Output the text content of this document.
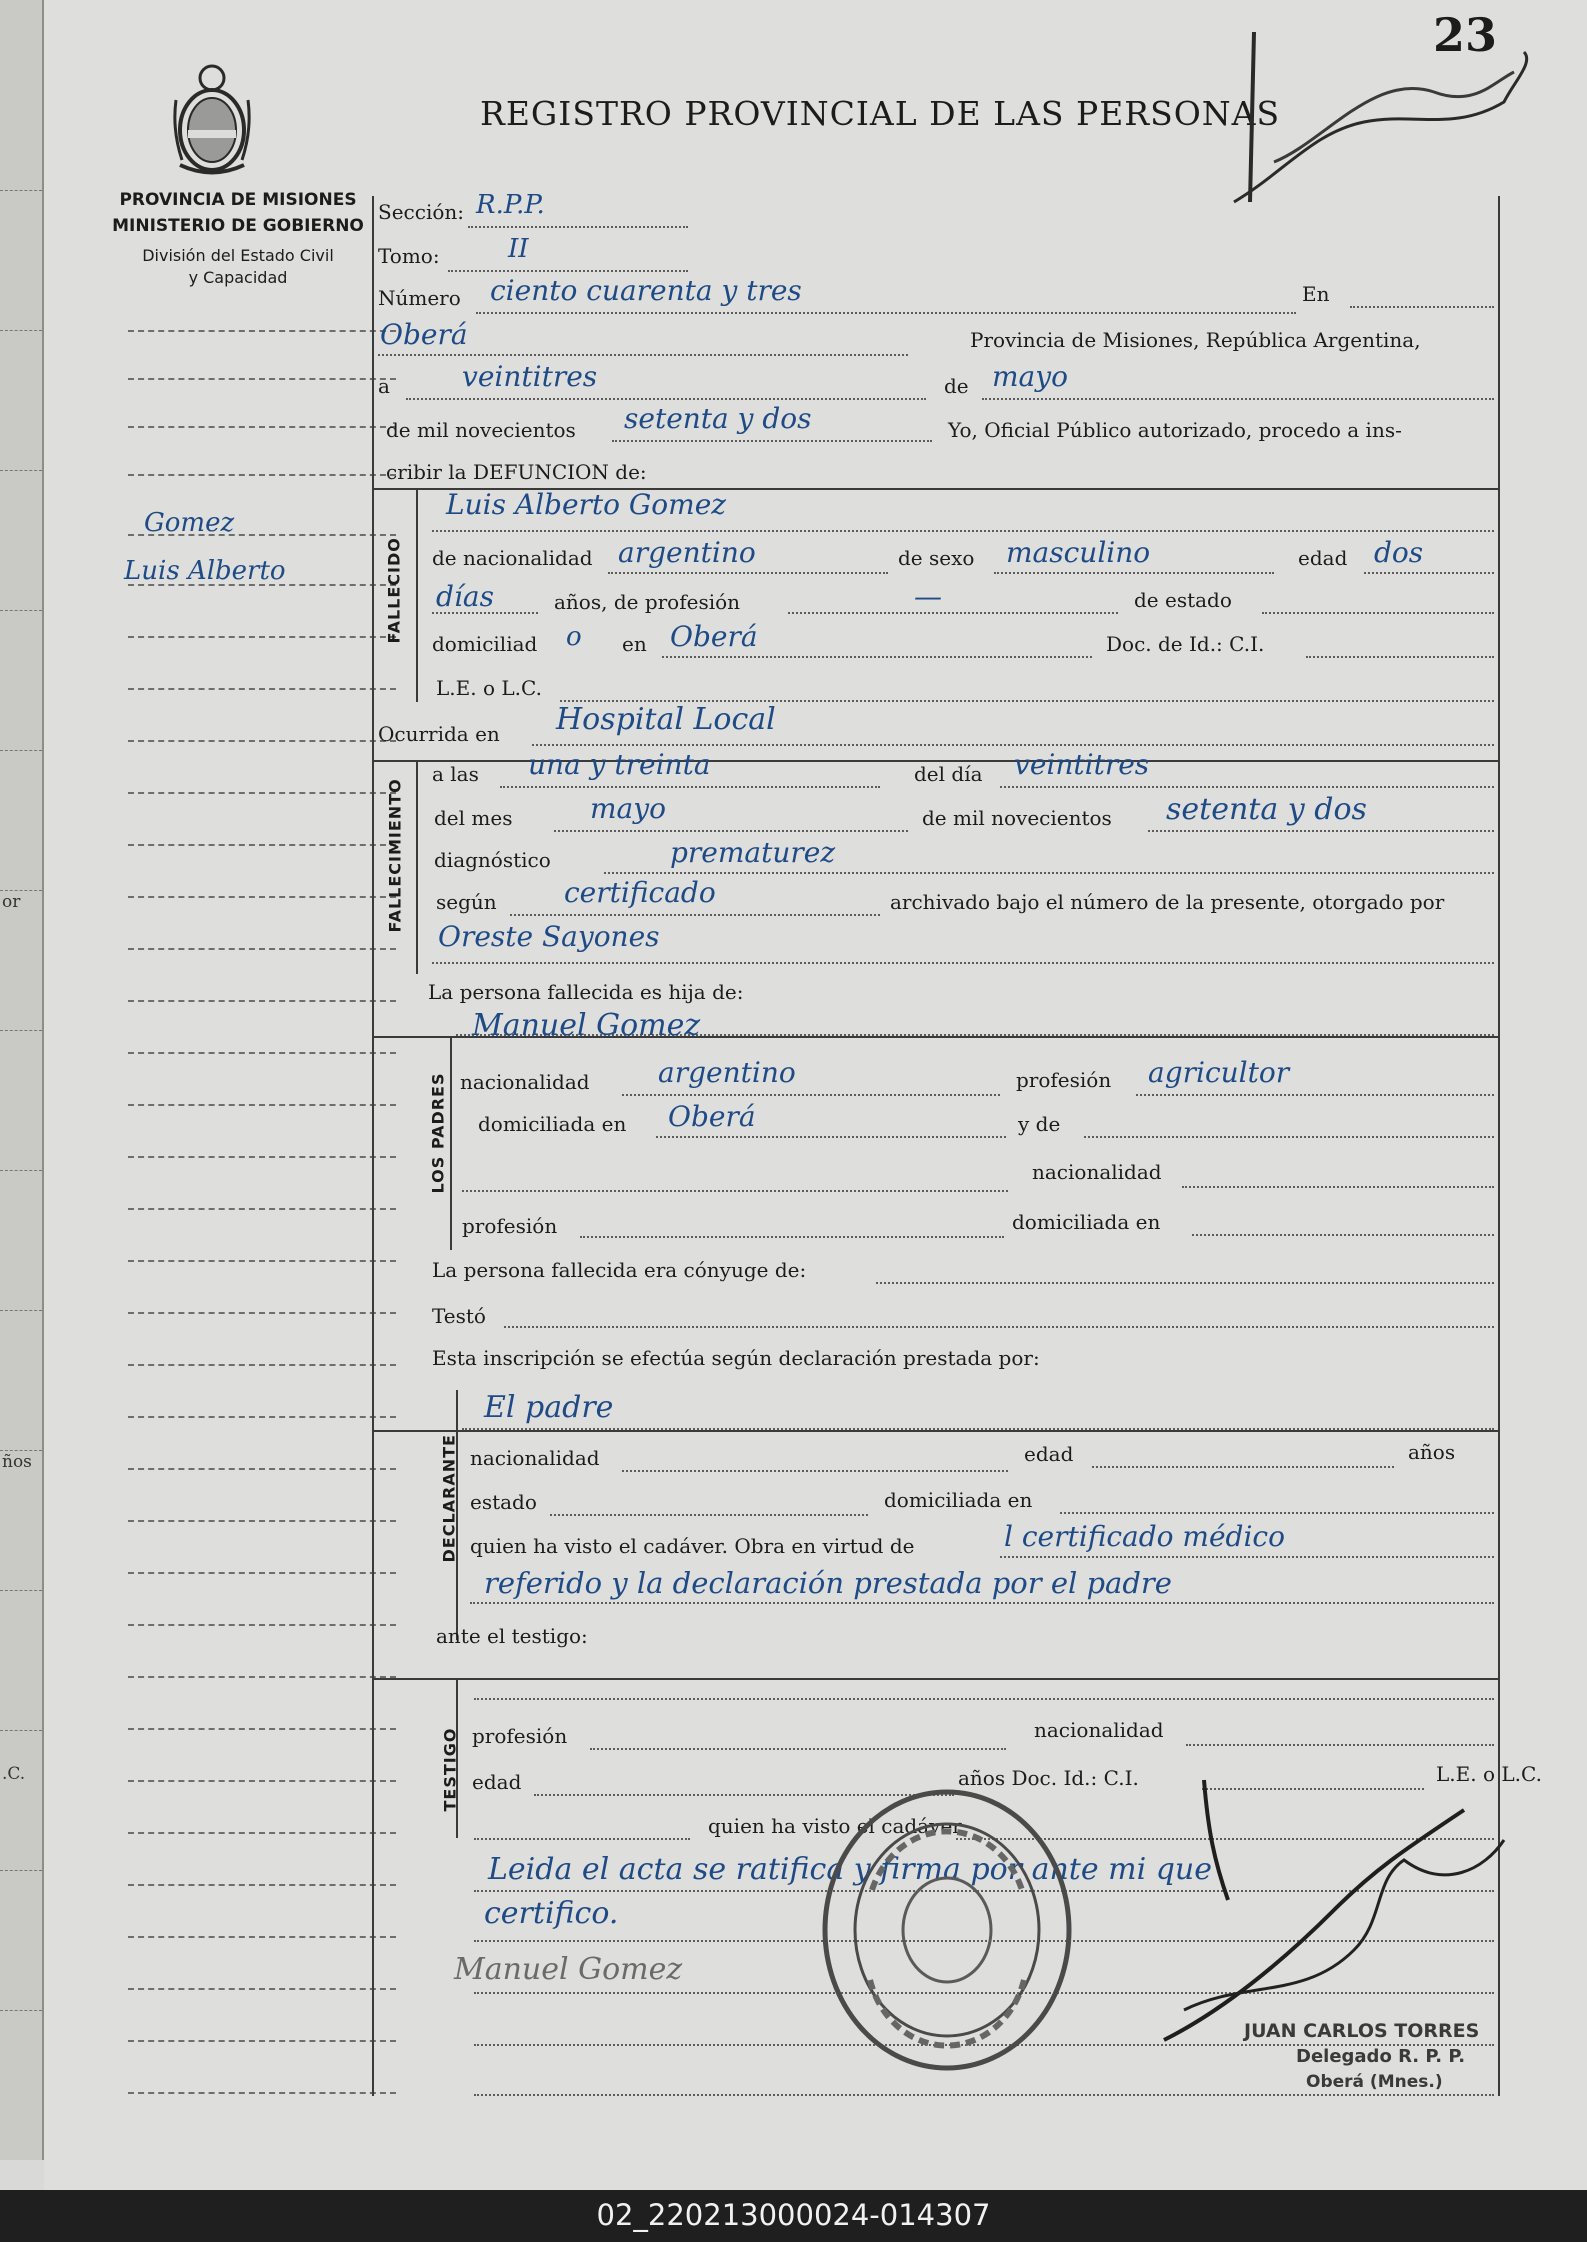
or
ños
.C.
23
REGISTRO PROVINCIAL DE LAS PERSONAS
PROVINCIA DE MISIONES
MINISTERIO DE GOBIERNO
División del Estado Civil
y Capacidad
Gomez
Luis Alberto
Sección: R.P.P.
Tomo:	II
Número ciento cuarenta y tres	En
Oberá	Provincia de Misiones, República Argentina,
a	veintitres	de mayo
de mil novecientos setenta y dos	Yo, Oficial Público autorizado, procedo a ins-
cribir la DEFUNCION de:
FALLECIDO
Luis Alberto Gomez
de nacionalidad argentino	de sexo masculino	edad dos
días	años, de profesión	—	de estado
domiciliad o en Oberá	Doc. de Id.: C.I.
L.E. o L.C.
Ocurrida en Hospital Local
FALLECIMIENTO
a las una y treinta	del día veintitres
del mes	mayo	de mil novecientos setenta y dos
diagnóstico	prematurez
según certificado	archivado bajo el número de la presente, otorgado por
Oreste Sayones
La persona fallecida es hija de:
LOS PADRES
Manuel Gomez
nacionalidad argentino	profesión agricultor
domiciliada en Oberá	y de
nacionalidad
profesión	domiciliada en
La persona fallecida era cónyuge de:
Testó
Esta inscripción se efectúa según declaración prestada por:
DECLARANTE
El padre
nacionalidad	edad	años
estado	domiciliada en
quien ha visto el cadáver. Obra en virtud de	l certificado médico
referido y la declaración prestada por el padre
ante el testigo:
TESTIGO profesión	nacionalidad
edad	años Doc. Id.: C.I.	L.E. o L.C.
quien ha visto el cadáver
Leida el acta se ratifica y firma por ante mi que
certifico.
Manuel Gomez
JUAN CARLOS TORRES
Delegado R. P. P.
Oberá (Mnes.)
02_220213000024-014307
